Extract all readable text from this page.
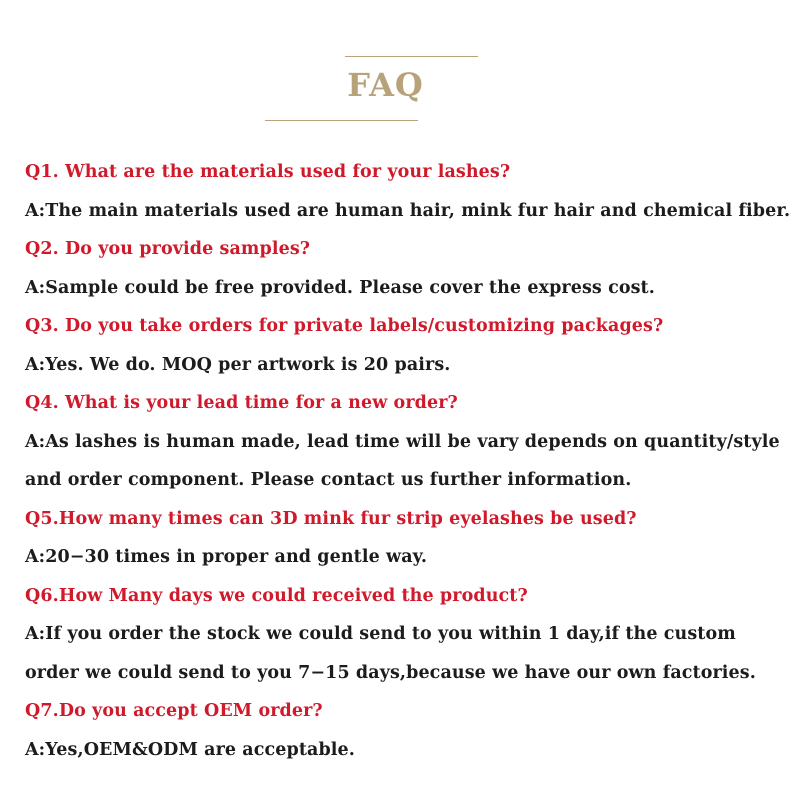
FAQ
Q1. What are the materials used for your lashes?
A:The main materials used are human hair, mink fur hair and chemical fiber.
Q2. Do you provide samples?
A:Sample could be free provided. Please cover the express cost.
Q3. Do you take orders for private labels/customizing packages?
A:Yes. We do. MOQ per artwork is 20 pairs.
Q4. What is your lead time for a new order?
A:As lashes is human made, lead time will be vary depends on quantity/style
and order component. Please contact us further information.
Q5.How many times can 3D mink fur strip eyelashes be used?
A:20−30 times in proper and gentle way.
Q6.How Many days we could received the product?
A:If you order the stock we could send to you within 1 day,if the custom
order we could send to you 7−15 days,because we have our own factories.
Q7.Do you accept OEM order?
A:Yes,OEM&ODM are acceptable.
